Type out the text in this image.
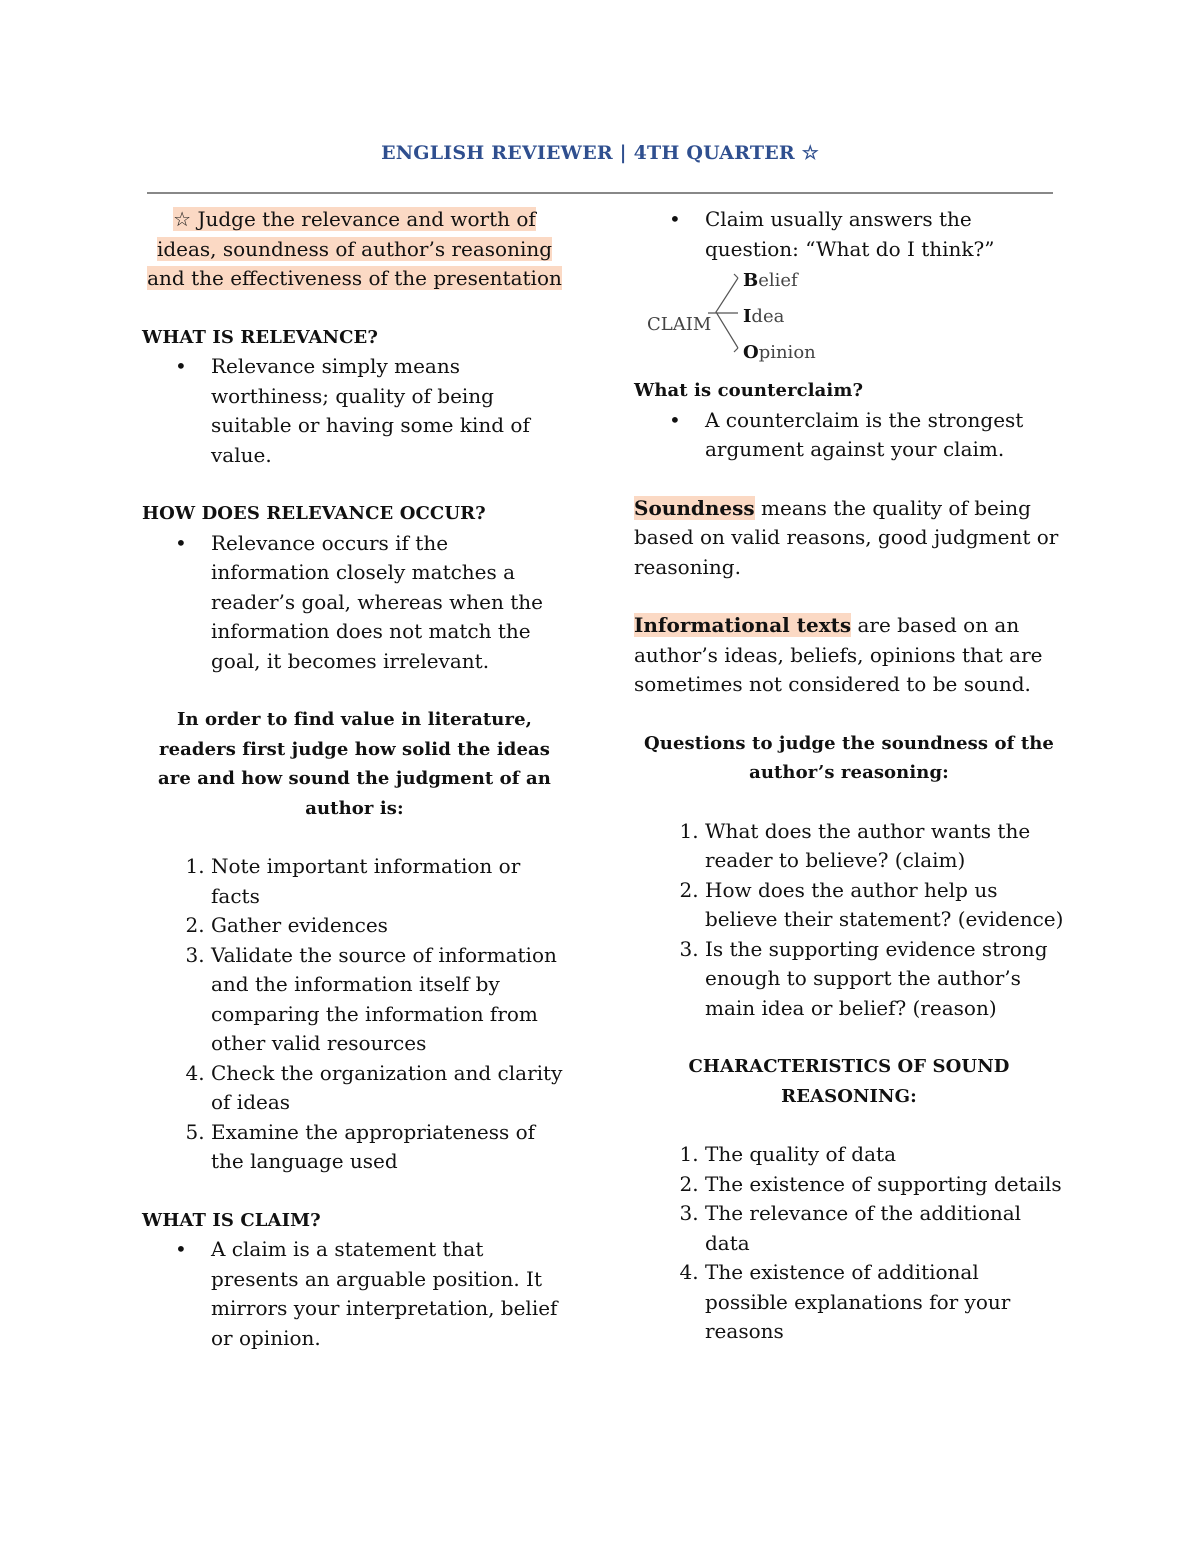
ENGLISH REVIEWER | 4TH QUARTER ☆

☆ Judge the relevance and worth of ideas, soundness of author’s reasoning and the effectiveness of the presentation

WHAT IS RELEVANCE?

• Relevance simply means worthiness; quality of being suitable or having some kind of value.

HOW DOES RELEVANCE OCCUR?

• Relevance occurs if the information closely matches a reader’s goal, whereas when the information does not match the goal, it becomes irrelevant.

In order to find value in literature, readers first judge how solid the ideas are and how sound the judgment of an author is:

1. Note important information or facts
2. Gather evidences
3. Validate the source of information and the information itself by comparing the information from other valid resources
4. Check the organization and clarity of ideas
5. Examine the appropriateness of the language used

WHAT IS CLAIM?

• A claim is a statement that presents an arguable position. It mirrors your interpretation, belief or opinion.
• Claim usually answers the question: “What do I think?”
CLAIM
Belief
Idea
Opinion

What is counterclaim?

• A counterclaim is the strongest argument against your claim.

Soundness means the quality of being based on valid reasons, good judgment or reasoning.

Informational texts are based on an author’s ideas, beliefs, opinions that are sometimes not considered to be sound.

Questions to judge the soundness of the author’s reasoning:

1. What does the author wants the reader to believe? (claim)
2. How does the author help us believe their statement? (evidence)
3. Is the supporting evidence strong enough to support the author’s main idea or belief? (reason)

CHARACTERISTICS OF SOUND REASONING:

1. The quality of data
2. The existence of supporting details
3. The relevance of the additional data
4. The existence of additional possible explanations for your reasons
